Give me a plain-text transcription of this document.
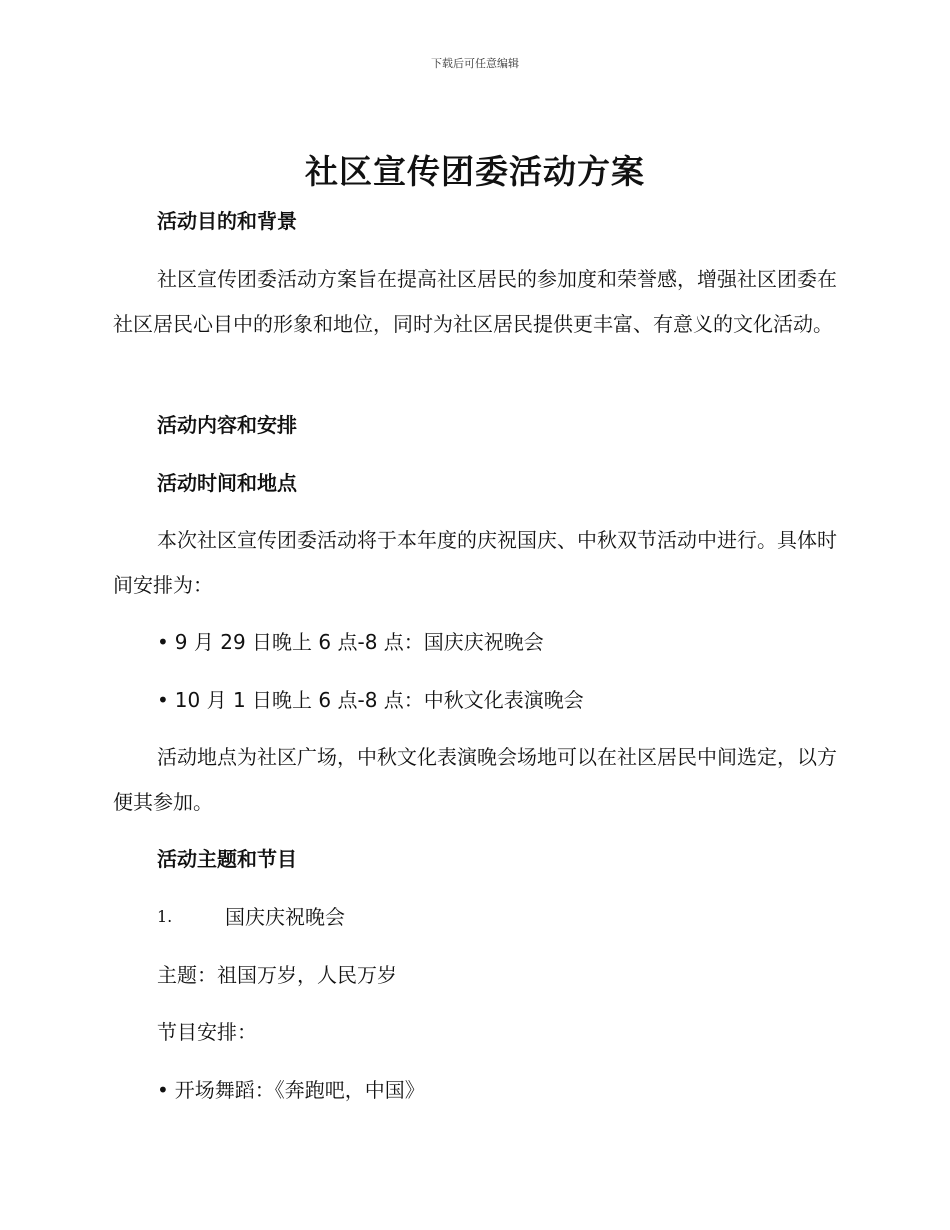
下载后可任意编辑
社区宣传团委活动方案
活动目的和背景
社区宣传团委活动方案旨在提高社区居民的参加度和荣誉感，增强社区团委在社区居民心目中的形象和地位，同时为社区居民提供更丰富、有意义的文化活动。
活动内容和安排
活动时间和地点
本次社区宣传团委活动将于本年度的庆祝国庆、中秋双节活动中进行。具体时间安排为：
• 9 月 29 日晚上 6 点-8 点：国庆庆祝晚会
• 10 月 1 日晚上 6 点-8 点：中秋文化表演晚会
活动地点为社区广场，中秋文化表演晚会场地可以在社区居民中间选定，以方便其参加。
活动主题和节目
1.	国庆庆祝晚会
主题：祖国万岁，人民万岁
节目安排：
• 开场舞蹈：《奔跑吧，中国》
